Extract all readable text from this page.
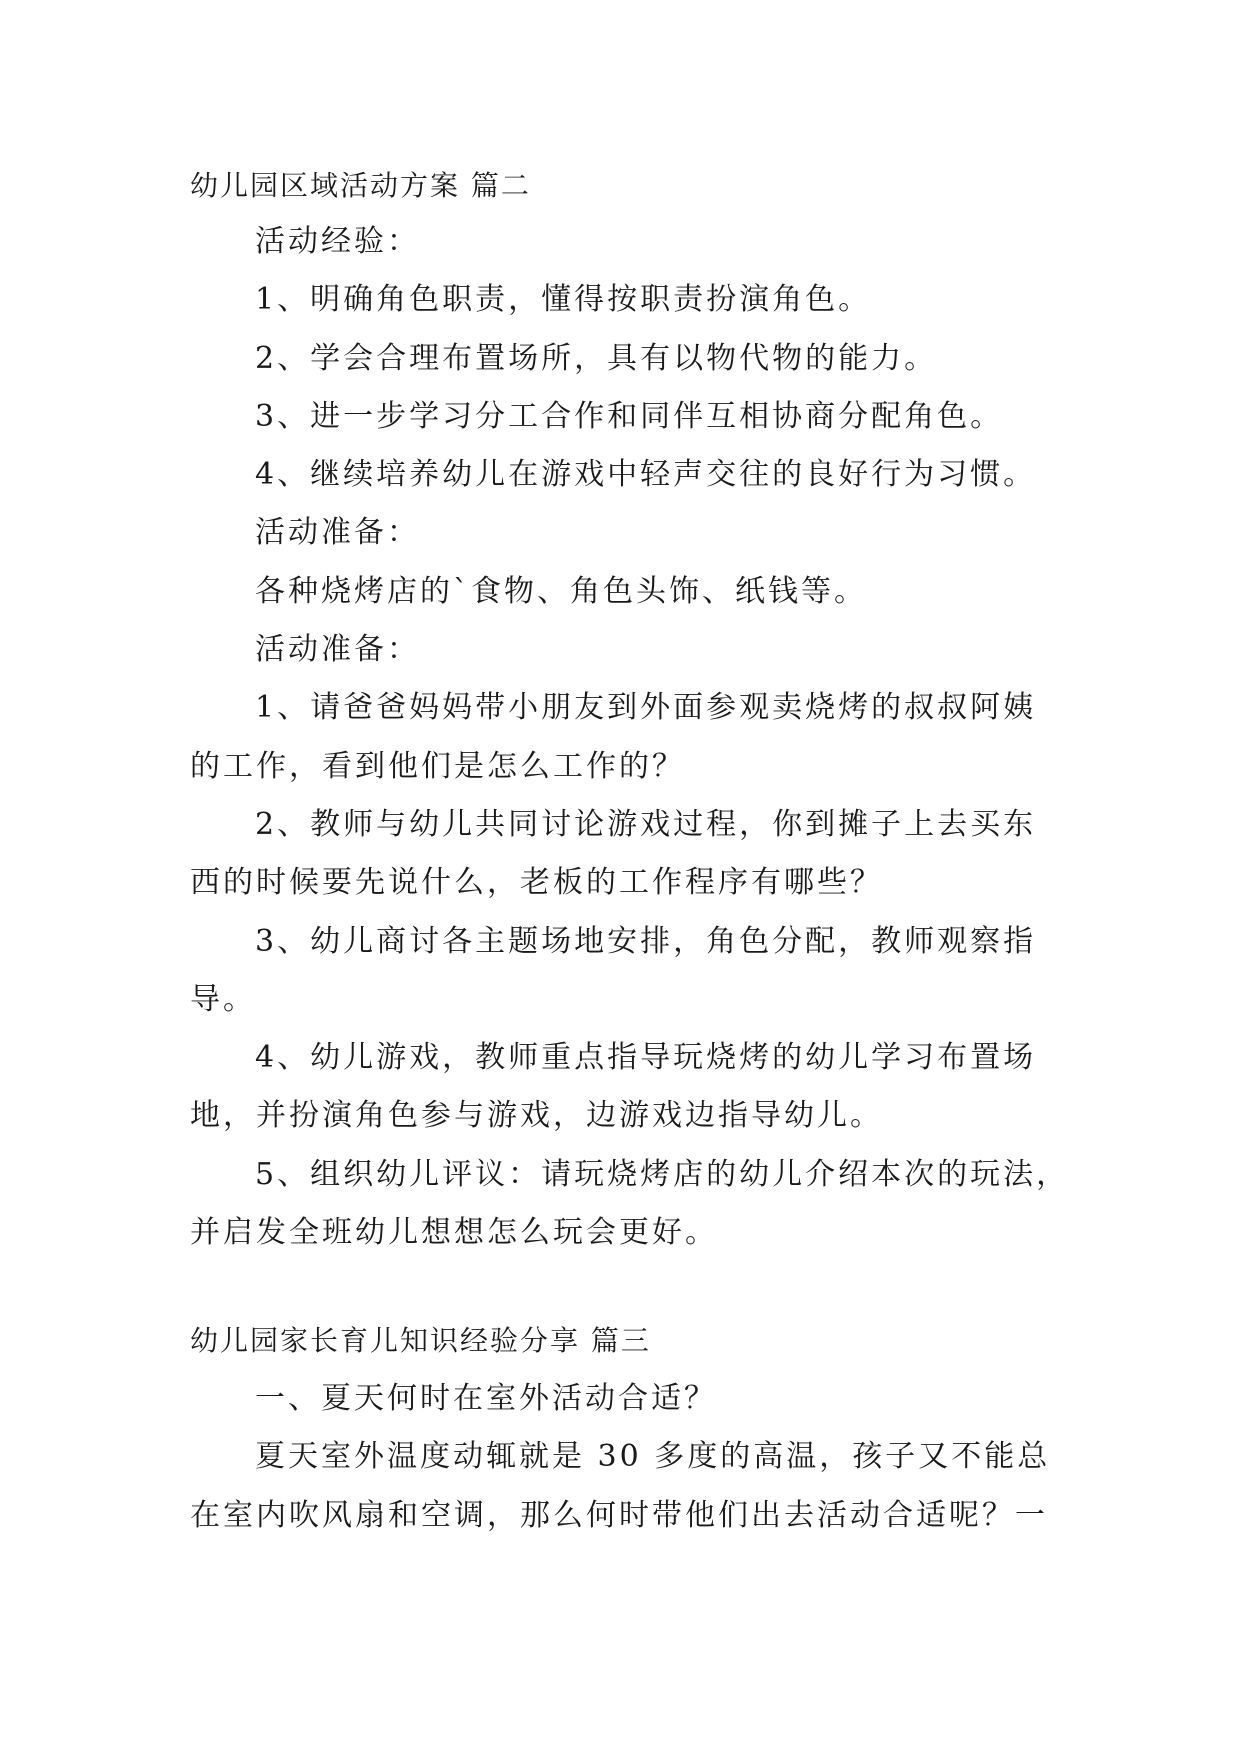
幼儿园区域活动方案 篇二
活动经验：
1、明确角色职责，懂得按职责扮演角色。
2、学会合理布置场所，具有以物代物的能力。
3、进一步学习分工合作和同伴互相协商分配角色。
4、继续培养幼儿在游戏中轻声交往的良好行为习惯。
活动准备：
各种烧烤店的`食物、角色头饰、纸钱等。
活动准备：
1、请爸爸妈妈带小朋友到外面参观卖烧烤的叔叔阿姨
的工作，看到他们是怎么工作的？
2、教师与幼儿共同讨论游戏过程，你到摊子上去买东
西的时候要先说什么，老板的工作程序有哪些？
3、幼儿商讨各主题场地安排，角色分配，教师观察指
导。
4、幼儿游戏，教师重点指导玩烧烤的幼儿学习布置场
地，并扮演角色参与游戏，边游戏边指导幼儿。
5、组织幼儿评议：请玩烧烤店的幼儿介绍本次的玩法，
并启发全班幼儿想想怎么玩会更好。
幼儿园家长育儿知识经验分享 篇三
一、夏天何时在室外活动合适？
夏天室外温度动辄就是 30 多度的高温，孩子又不能总
在室内吹风扇和空调，那么何时带他们出去活动合适呢？一
